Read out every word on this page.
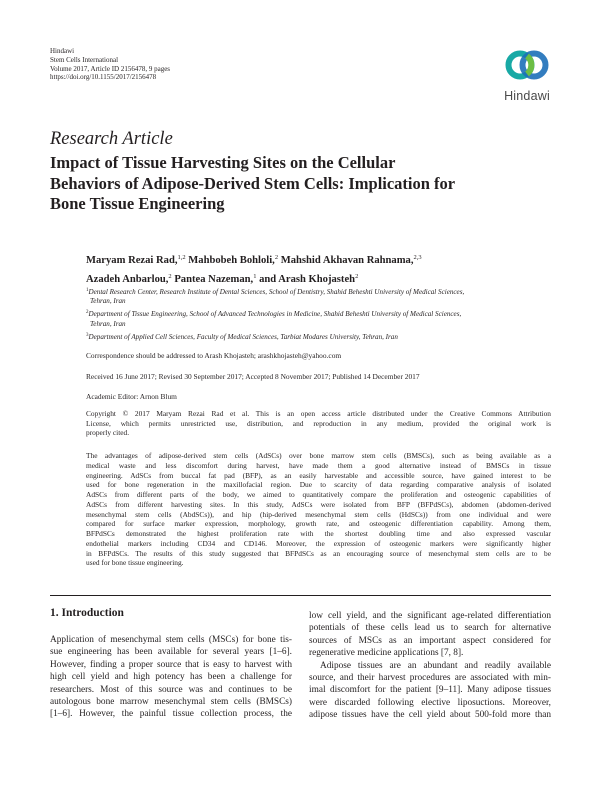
Hindawi
Stem Cells International
Volume 2017, Article ID 2156478, 9 pages
https://doi.org/10.1155/2017/2156478
Hindawi
Research Article
Impact of Tissue Harvesting Sites on the Cellular
Behaviors of Adipose-Derived Stem Cells: Implication for
Bone Tissue Engineering
Maryam Rezai Rad,$^{1,2}$ Mahbobeh Bohloli,$^2$ Mahshid Akhavan Rahnama,$^{2,3}$
Azadeh Anbarlou,$^2$ Pantea Nazeman,$^1$ and Arash Khojasteh$^2$
$^1$Dental Research Center, Research Institute of Dental Sciences, School of Dentistry, Shahid Beheshti University of Medical Sciences,
Tehran, Iran
$^2$Department of Tissue Engineering, School of Advanced Technologies in Medicine, Shahid Beheshti University of Medical Sciences,
Tehran, Iran
$^3$Department of Applied Cell Sciences, Faculty of Medical Sciences, Tarbiat Modares University, Tehran, Iran
Correspondence should be addressed to Arash Khojasteh; arashkhojasteh@yahoo.com
Received 16 June 2017; Revised 30 September 2017; Accepted 8 November 2017; Published 14 December 2017
Academic Editor: Arnon Blum
Copyright © 2017 Maryam Rezai Rad et al. This is an open access article distributed under the Creative Commons Attribution
License, which permits unrestricted use, distribution, and reproduction in any medium, provided the original work is
properly cited.
The advantages of adipose-derived stem cells (AdSCs) over bone marrow stem cells (BMSCs), such as being available as a
medical waste and less discomfort during harvest, have made them a good alternative instead of BMSCs in tissue
engineering. AdSCs from buccal fat pad (BFP), as an easily harvestable and accessible source, have gained interest to be
used for bone regeneration in the maxillofacial region. Due to scarcity of data regarding comparative analysis of isolated
AdSCs from different parts of the body, we aimed to quantitatively compare the proliferation and osteogenic capabilities of
AdSCs from different harvesting sites. In this study, AdSCs were isolated from BFP (BFPdSCs), abdomen (abdomen-derived
mesenchymal stem cells (AbdSCs)), and hip (hip-derived mesenchymal stem cells (HdSCs)) from one individual and were
compared for surface marker expression, morphology, growth rate, and osteogenic differentiation capability. Among them,
BFPdSCs demonstrated the highest proliferation rate with the shortest doubling time and also expressed vascular
endothelial markers including CD34 and CD146. Moreover, the expression of osteogenic markers were significantly higher
in BFPdSCs. The results of this study suggested that BFPdSCs as an encouraging source of mesenchymal stem cells are to be
used for bone tissue engineering.
1. Introduction
Application of mesenchymal stem cells (MSCs) for bone tis-
sue engineering has been available for several years [1–6].
However, finding a proper source that is easy to harvest with
high cell yield and high potency has been a challenge for
researchers. Most of this source was and continues to be
autologous bone marrow mesenchymal stem cells (BMSCs)
[1–6]. However, the painful tissue collection process, the
low cell yield, and the significant age-related differentiation
potentials of these cells lead us to search for alternative
sources of MSCs as an important aspect considered for
regenerative medicine applications [7, 8].
Adipose tissues are an abundant and readily available
source, and their harvest procedures are associated with min-
imal discomfort for the patient [9–11]. Many adipose tissues
were discarded following elective liposuctions. Moreover,
adipose tissues have the cell yield about 500-fold more than
